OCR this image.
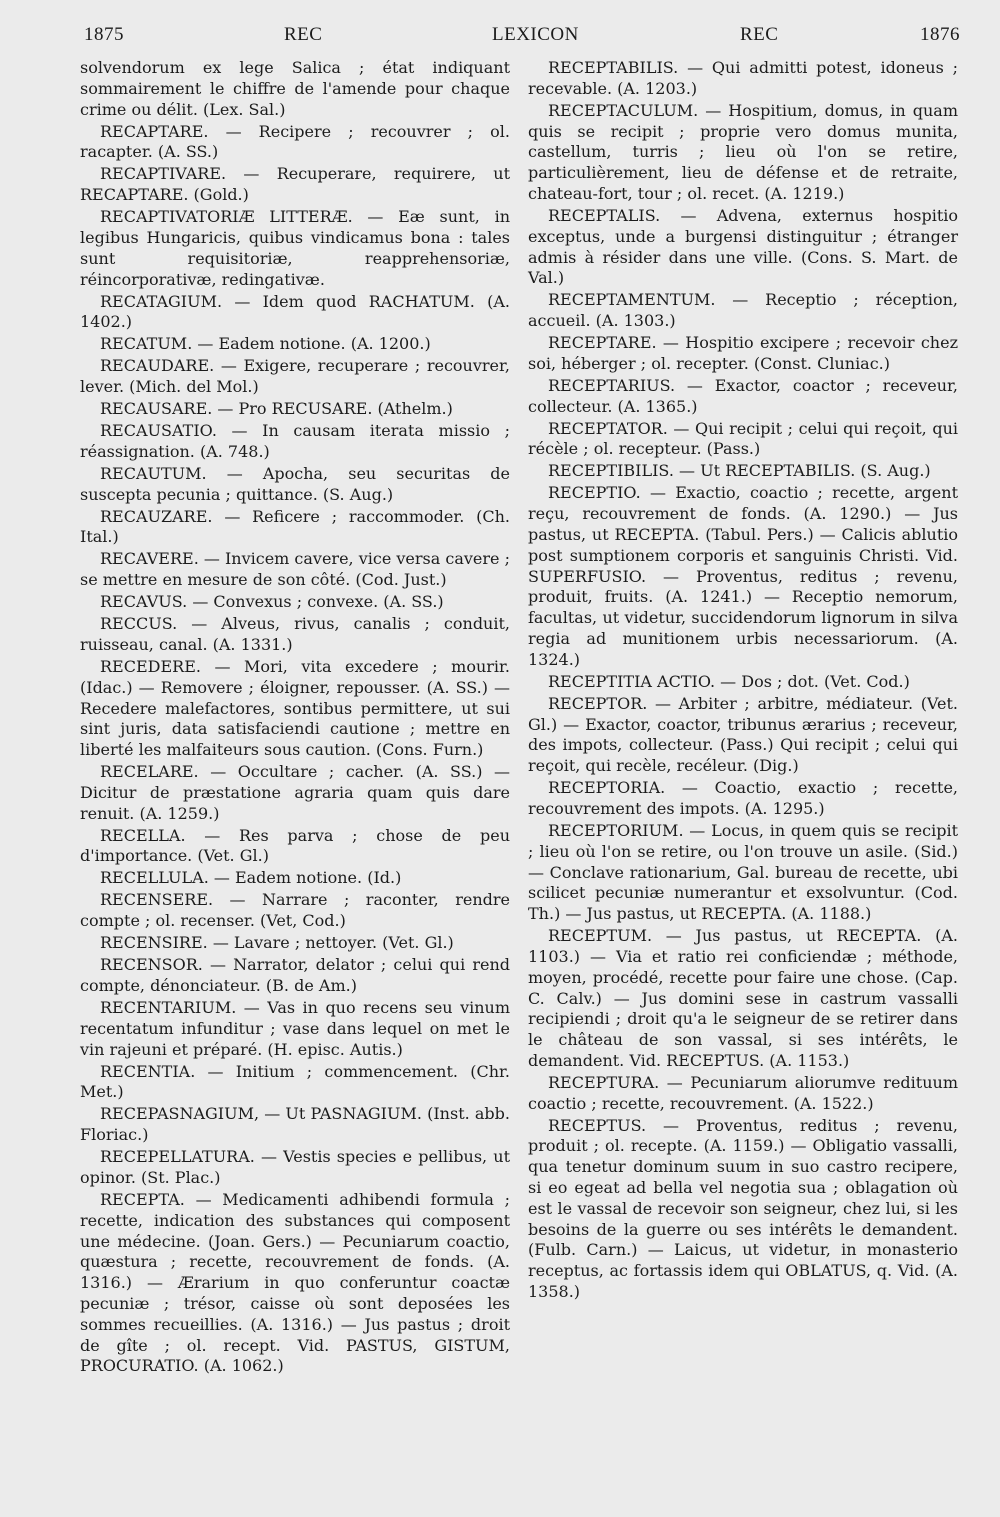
1875	REC	LEXICON	REC	1876

solvendorum ex lege Salica ; état indiquant sommairement le chiffre de l'amende pour chaque crime ou délit. (Lex. Sal.)

RECAPTARE. — Recipere ; recouvrer ; ol. racapter. (A. SS.)

RECAPTIVARE. — Recuperare, requirere, ut RECAPTARE. (Gold.)

RECAPTIVATORIÆ LITTERÆ. — Eæ sunt, in legibus Hungaricis, quibus vindicamus bona : tales sunt requisitoriæ, reapprehensoriæ, réincorporativæ, redingativæ.

RECATAGIUM. — Idem quod RACHATUM. (A. 1402.)

RECATUM. — Eadem notione. (A. 1200.)

RECAUDARE. — Exigere, recuperare ; recouvrer, lever. (Mich. del Mol.)

RECAUSARE. — Pro RECUSARE. (Athelm.)

RECAUSATIO. — In causam iterata missio ; réassignation. (A. 748.)

RECAUTUM. — Apocha, seu securitas de suscepta pecunia ; quittance. (S. Aug.)

RECAUZARE. — Reficere ; raccommoder. (Ch. Ital.)

RECAVERE. — Invicem cavere, vice versa cavere ; se mettre en mesure de son côté. (Cod. Just.)

RECAVUS. — Convexus ; convexe. (A. SS.)

RECCUS. — Alveus, rivus, canalis ; conduit, ruisseau, canal. (A. 1331.)

RECEDERE. — Mori, vita excedere ; mourir. (Idac.) — Removere ; éloigner, repousser. (A. SS.) — Recedere malefactores, sontibus permittere, ut sui sint juris, data satisfaciendi cautione ; mettre en liberté les malfaiteurs sous caution. (Cons. Furn.)

RECELARE. — Occultare ; cacher. (A. SS.) — Dicitur de præstatione agraria quam quis dare renuit. (A. 1259.)

RECELLA. — Res parva ; chose de peu d'importance. (Vet. Gl.)

RECELLULA. — Eadem notione. (Id.)

RECENSERE. — Narrare ; raconter, rendre compte ; ol. recenser. (Vet, Cod.)

RECENSIRE. — Lavare ; nettoyer. (Vet. Gl.)

RECENSOR. — Narrator, delator ; celui qui rend compte, dénonciateur. (B. de Am.)

RECENTARIUM. — Vas in quo recens seu vinum recentatum infunditur ; vase dans lequel on met le vin rajeuni et préparé. (H. episc. Autis.)

RECENTIA. — Initium ; commencement. (Chr. Met.)

RECEPASNAGIUM, — Ut PASNAGIUM. (Inst. abb. Floriac.)

RECEPELLATURA. — Vestis species e pellibus, ut opinor. (St. Plac.)

RECEPTA. — Medicamenti adhibendi formula ; recette, indication des substances qui composent une médecine. (Joan. Gers.) — Pecuniarum coactio, quæstura ; recette, recouvrement de fonds. (A. 1316.) — Ærarium in quo conferuntur coactæ pecuniæ ; trésor, caisse où sont deposées les sommes recueillies. (A. 1316.) — Jus pastus ; droit de gîte ; ol. recept. Vid. PASTUS, GISTUM, PROCURATIO. (A. 1062.)

RECEPTABILIS. — Qui admitti potest, idoneus ; recevable. (A. 1203.)

RECEPTACULUM. — Hospitium, domus, in quam quis se recipit ; proprie vero domus munita, castellum, turris ; lieu où l'on se retire, particulièrement, lieu de défense et de retraite, chateau-fort, tour ; ol. recet. (A. 1219.)

RECEPTALIS. — Advena, externus hospitio exceptus, unde a burgensi distinguitur ; étranger admis à résider dans une ville. (Cons. S. Mart. de Val.)

RECEPTAMENTUM. — Receptio ; réception, accueil. (A. 1303.)

RECEPTARE. — Hospitio excipere ; recevoir chez soi, héberger ; ol. recepter. (Const. Cluniac.)

RECEPTARIUS. — Exactor, coactor ; receveur, collecteur. (A. 1365.)

RECEPTATOR. — Qui recipit ; celui qui reçoit, qui récèle ; ol. recepteur. (Pass.)

RECEPTIBILIS. — Ut RECEPTABILIS. (S. Aug.)

RECEPTIO. — Exactio, coactio ; recette, argent reçu, recouvrement de fonds. (A. 1290.) — Jus pastus, ut RECEPTA. (Tabul. Pers.) — Calicis ablutio post sumptionem corporis et sanguinis Christi. Vid. SUPERFUSIO. — Proventus, reditus ; revenu, produit, fruits. (A. 1241.) — Receptio nemorum, facultas, ut videtur, succidendorum lignorum in silva regia ad munitionem urbis necessariorum. (A. 1324.)

RECEPTITIA ACTIO. — Dos ; dot. (Vet. Cod.)

RECEPTOR. — Arbiter ; arbitre, médiateur. (Vet. Gl.) — Exactor, coactor, tribunus ærarius ; receveur, des impots, collecteur. (Pass.) Qui recipit ; celui qui reçoit, qui recèle, recéleur. (Dig.)

RECEPTORIA. — Coactio, exactio ; recette, recouvrement des impots. (A. 1295.)

RECEPTORIUM. — Locus, in quem quis se recipit ; lieu où l'on se retire, ou l'on trouve un asile. (Sid.) — Conclave rationarium, Gal. bureau de recette, ubi scilicet pecuniæ numerantur et exsolvuntur. (Cod. Th.) — Jus pastus, ut RECEPTA. (A. 1188.)

RECEPTUM. — Jus pastus, ut RECEPTA. (A. 1103.) — Via et ratio rei conficiendæ ; méthode, moyen, procédé, recette pour faire une chose. (Cap. C. Calv.) — Jus domini sese in castrum vassalli recipiendi ; droit qu'a le seigneur de se retirer dans le château de son vassal, si ses intérêts, le demandent. Vid. RECEPTUS. (A. 1153.)

RECEPTURA. — Pecuniarum aliorumve redituum coactio ; recette, recouvrement. (A. 1522.)

RECEPTUS. — Proventus, reditus ; revenu, produit ; ol. recepte. (A. 1159.) — Obligatio vassalli, qua tenetur dominum suum in suo castro recipere, si eo egeat ad bella vel negotia sua ; oblagation où est le vassal de recevoir son seigneur, chez lui, si les besoins de la guerre ou ses intérêts le demandent. (Fulb. Carn.) — Laicus, ut videtur, in monasterio receptus, ac fortassis idem qui OBLATUS, q. Vid. (A. 1358.)
